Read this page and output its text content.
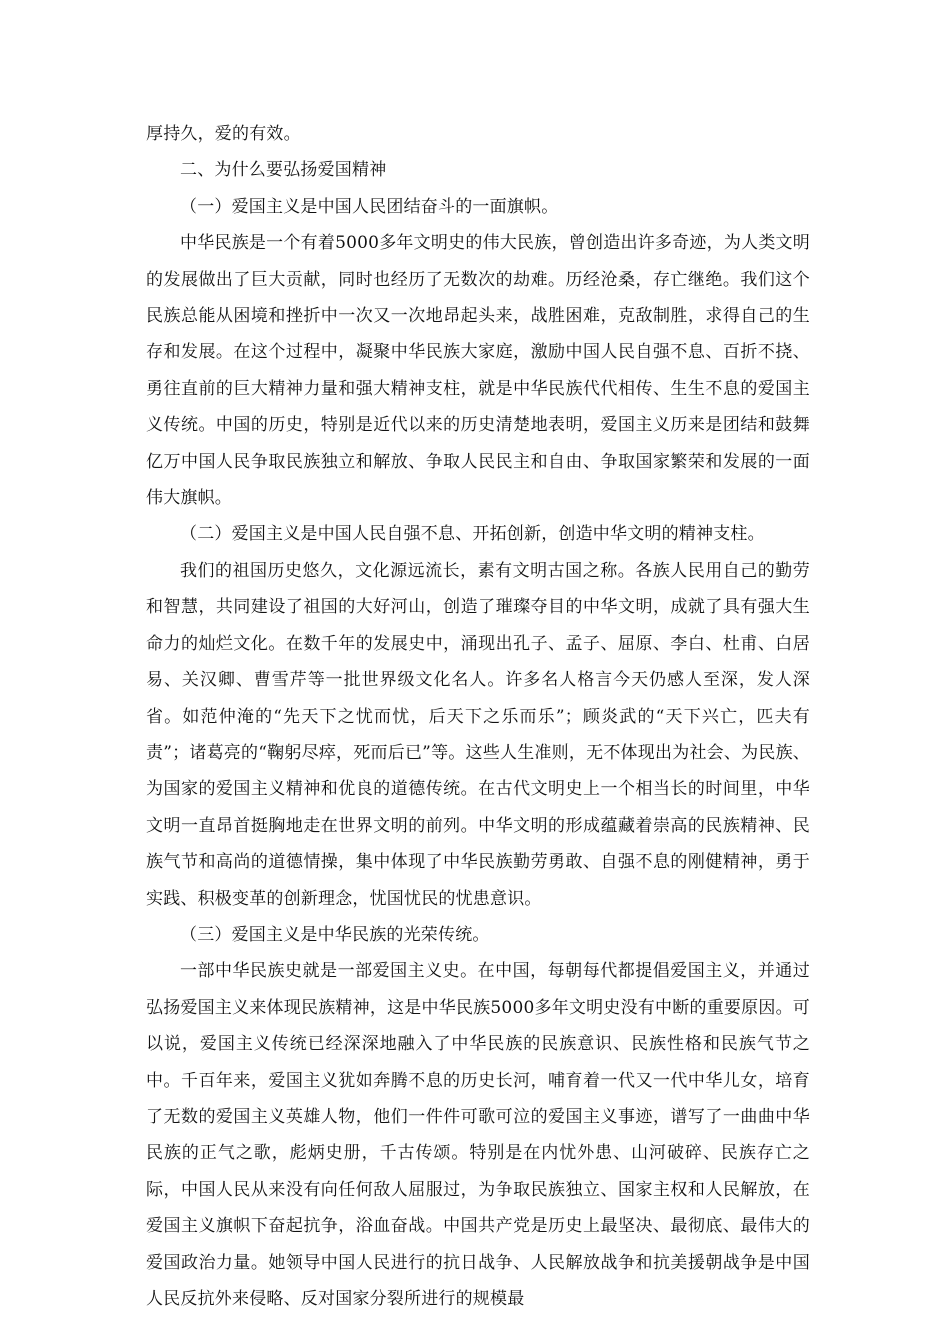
厚持久，爱的有效。

二、为什么要弘扬爱国精神

（一）爱国主义是中国人民团结奋斗的一面旗帜。

中华民族是一个有着5000多年文明史的伟大民族，曾创造出许多奇迹，为人类文明的发展做出了巨大贡献，同时也经历了无数次的劫难。历经沧桑，存亡继绝。我们这个民族总能从困境和挫折中一次又一次地昂起头来，战胜困难，克敌制胜，求得自己的生存和发展。在这个过程中，凝聚中华民族大家庭，激励中国人民自强不息、百折不挠、勇往直前的巨大精神力量和强大精神支柱，就是中华民族代代相传、生生不息的爱国主义传统。中国的历史，特别是近代以来的历史清楚地表明，爱国主义历来是团结和鼓舞亿万中国人民争取民族独立和解放、争取人民民主和自由、争取国家繁荣和发展的一面伟大旗帜。

（二）爱国主义是中国人民自强不息、开拓创新，创造中华文明的精神支柱。

我们的祖国历史悠久，文化源远流长，素有文明古国之称。各族人民用自己的勤劳和智慧，共同建设了祖国的大好河山，创造了璀璨夺目的中华文明，成就了具有强大生命力的灿烂文化。在数千年的发展史中，涌现出孔子、孟子、屈原、李白、杜甫、白居易、关汉卿、曹雪芹等一批世界级文化名人。许多名人格言今天仍感人至深，发人深省。如范仲淹的“先天下之忧而忧，后天下之乐而乐”；顾炎武的“天下兴亡，匹夫有责”；诸葛亮的“鞠躬尽瘁，死而后已”等。这些人生准则，无不体现出为社会、为民族、为国家的爱国主义精神和优良的道德传统。在古代文明史上一个相当长的时间里，中华文明一直昂首挺胸地走在世界文明的前列。中华文明的形成蕴藏着崇高的民族精神、民族气节和高尚的道德情操，集中体现了中华民族勤劳勇敢、自强不息的刚健精神，勇于实践、积极变革的创新理念，忧国忧民的忧患意识。

（三）爱国主义是中华民族的光荣传统。

一部中华民族史就是一部爱国主义史。在中国，每朝每代都提倡爱国主义，并通过弘扬爱国主义来体现民族精神，这是中华民族5000多年文明史没有中断的重要原因。可以说，爱国主义传统已经深深地融入了中华民族的民族意识、民族性格和民族气节之中。千百年来，爱国主义犹如奔腾不息的历史长河，哺育着一代又一代中华儿女，培育了无数的爱国主义英雄人物，他们一件件可歌可泣的爱国主义事迹，谱写了一曲曲中华民族的正气之歌，彪炳史册，千古传颂。特别是在内忧外患、山河破碎、民族存亡之际，中国人民从来没有向任何敌人屈服过，为争取民族独立、国家主权和人民解放，在爱国主义旗帜下奋起抗争，浴血奋战。中国共产党是历史上最坚决、最彻底、最伟大的爱国政治力量。她领导中国人民进行的抗日战争、人民解放战争和抗美援朝战争是中国人民反抗外来侵略、反对国家分裂所进行的规模最
